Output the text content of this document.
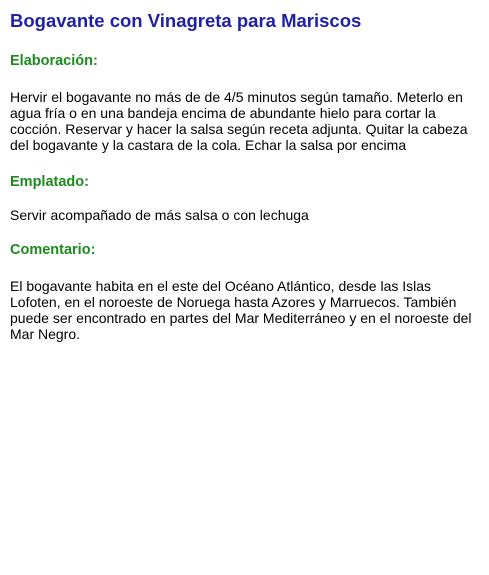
Bogavante con Vinagreta para Mariscos
Elaboración:

Hervir el bogavante no más de de 4/5 minutos según tamaño. Meterlo en agua fría o en una bandeja encima de abundante hielo para cortar la cocción. Reservar y hacer la salsa según receta adjunta. Quitar la cabeza del bogavante y la castara de la cola. Echar la salsa por encima

Emplatado:

Servir acompañado de más salsa o con lechuga

Comentario:

El bogavante habita en el este del Océano Atlántico, desde las Islas Lofoten, en el noroeste de Noruega hasta Azores y Marruecos. También puede ser encontrado en partes del Mar Mediterráneo y en el noroeste del Mar Negro.
